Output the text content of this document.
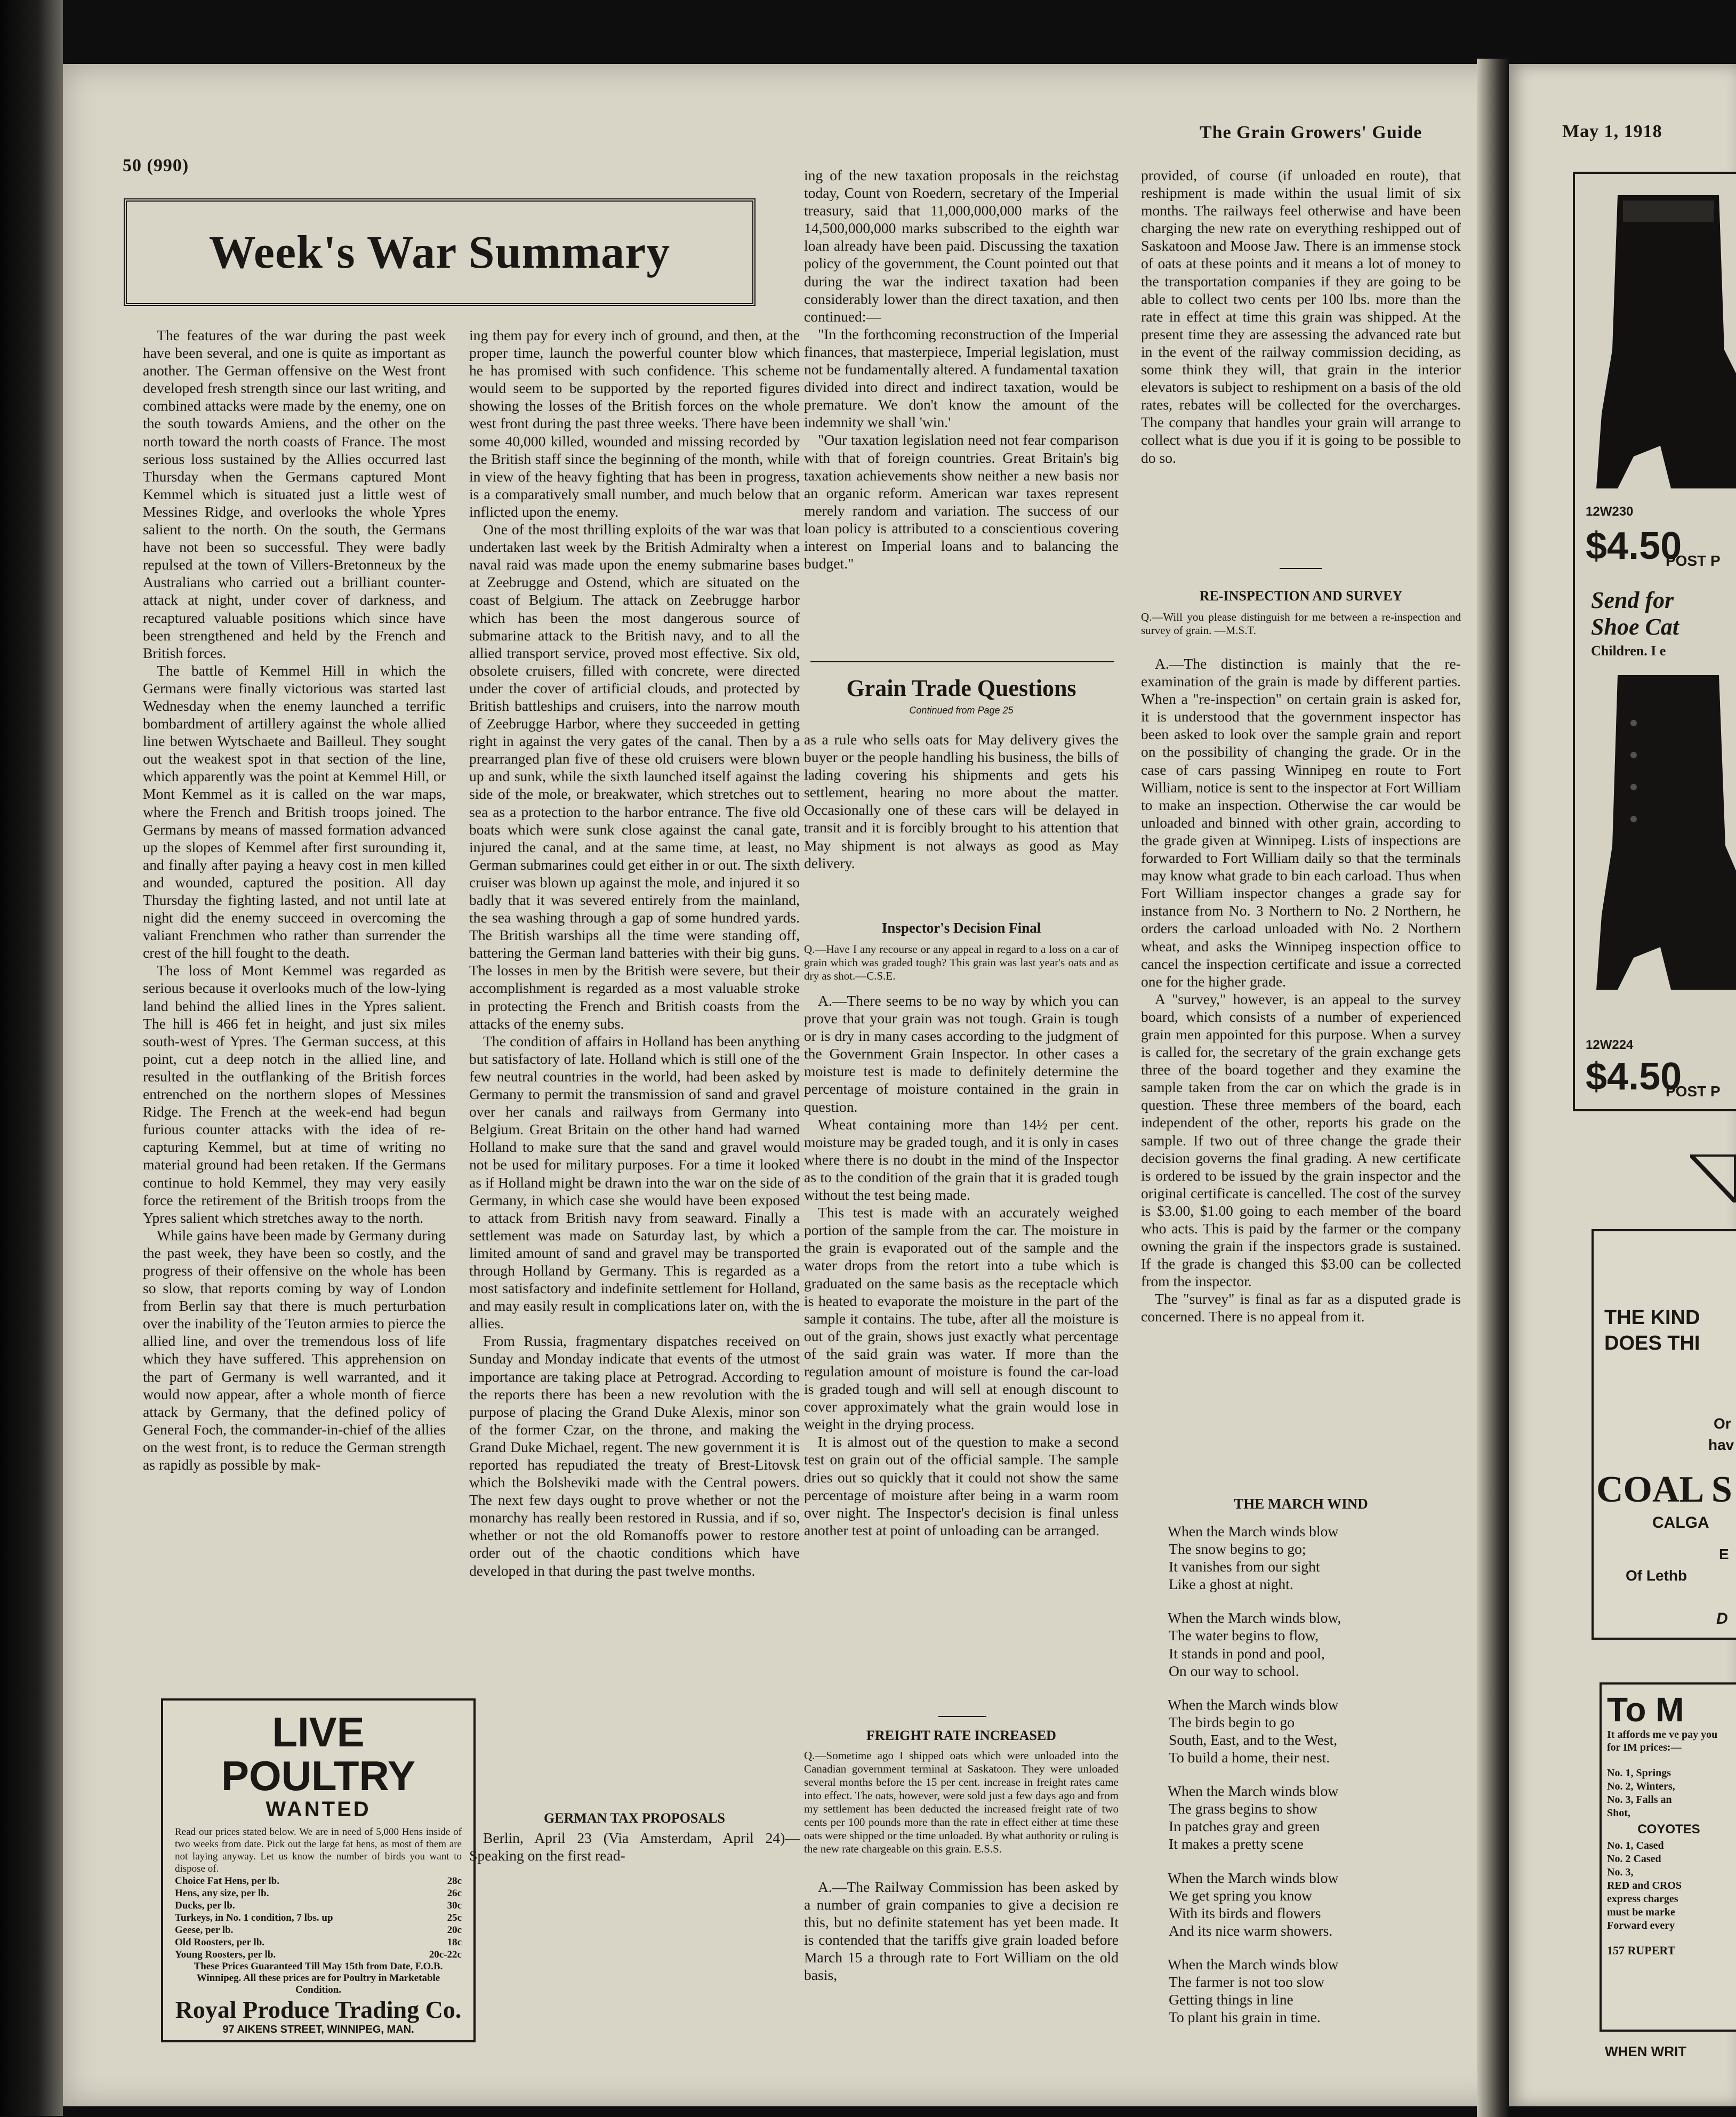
50 (990)
The Grain Growers' Guide	May 1, 1918
Week's War Summary

The features of the war during the past week have been several, and one is quite as important as another. The German offensive on the West front developed fresh strength since our last writing, and combined attacks were made by the enemy, one on the south towards Amiens, and the other on the north toward the north coasts of France. The most serious loss sustained by the Allies occurred last Thursday when the Germans captured Mont Kemmel which is situated just a little west of Messines Ridge, and overlooks the whole Ypres salient to the north. On the south, the Germans have not been so successful. They were badly repulsed at the town of Villers-Bretonneux by the Australians who carried out a brilliant counter-attack at night, under cover of darkness, and recaptured valuable positions which since have been strengthened and held by the French and British forces.

The battle of Kemmel Hill in which the Germans were finally victorious was started last Wednesday when the enemy launched a terrific bombardment of artillery against the whole allied line betwen Wytschaete and Bailleul. They sought out the weakest spot in that section of the line, which apparently was the point at Kemmel Hill, or Mont Kemmel as it is called on the war maps, where the French and British troops joined. The Germans by means of massed formation advanced up the slopes of Kemmel after first surounding it, and finally after paying a heavy cost in men killed and wounded, captured the position. All day Thursday the fighting lasted, and not until late at night did the enemy succeed in overcoming the valiant Frenchmen who rather than surrender the crest of the hill fought to the death.

The loss of Mont Kemmel was regarded as serious because it overlooks much of the low-lying land behind the allied lines in the Ypres salient. The hill is 466 fet in height, and just six miles south-west of Ypres. The German success, at this point, cut a deep notch in the allied line, and resulted in the outflanking of the British forces entrenched on the northern slopes of Messines Ridge. The French at the week-end had begun furious counter attacks with the idea of re-capturing Kemmel, but at time of writing no material ground had been retaken. If the Germans continue to hold Kemmel, they may very easily force the retirement of the British troops from the Ypres salient which stretches away to the north.

While gains have been made by Germany during the past week, they have been so costly, and the progress of their offensive on the whole has been so slow, that reports coming by way of London from Berlin say that there is much perturbation over the inability of the Teuton armies to pierce the allied line, and over the tremendous loss of life which they have suffered. This apprehension on the part of Germany is well warranted, and it would now appear, after a whole month of fierce attack by Germany, that the defined policy of General Foch, the commander-in-chief of the allies on the west front, is to reduce the German strength as rapidly as possible by mak-

LIVE POULTRY
WANTED
Read our prices stated below. We are in need of 5,000 Hens inside of two weeks from date. Pick out the large fat hens, as most of them are not laying anyway. Let us know the number of birds you want to dispose of.
Choice Fat Hens, per lb.	28c
Hens, any size, per lb.	26c
Ducks, per lb.	30c
Turkeys, in No. 1 condition, 7 lbs. up	25c
Geese, per lb.	20c
Old Roosters, per lb.	18c
Young Roosters, per lb.	20c-22c
These Prices Guaranteed Till May 15th from Date, F.O.B. Winnipeg. All these prices are for Poultry in Marketable Condition.
Royal Produce Trading Co.
97 AIKENS STREET, WINNIPEG, MAN.

ing them pay for every inch of ground, and then, at the proper time, launch the powerful counter blow which he has promised with such confidence. This scheme would seem to be supported by the reported figures showing the losses of the British forces on the whole west front during the past three weeks. There have been some 40,000 killed, wounded and missing recorded by the British staff since the beginning of the month, while in view of the heavy fighting that has been in progress, is a comparatively small number, and much below that inflicted upon the enemy.

One of the most thrilling exploits of the war was that undertaken last week by the British Admiralty when a naval raid was made upon the enemy submarine bases at Zeebrugge and Ostend, which are situated on the coast of Belgium. The attack on Zeebrugge harbor which has been the most dangerous source of submarine attack to the British navy, and to all the allied transport service, proved most effective. Six old, obsolete cruisers, filled with concrete, were directed under the cover of artificial clouds, and protected by British battleships and cruisers, into the narrow mouth of Zeebrugge Harbor, where they succeeded in getting right in against the very gates of the canal. Then by a prearranged plan five of these old cruisers were blown up and sunk, while the sixth launched itself against the side of the mole, or breakwater, which stretches out to sea as a protection to the harbor entrance. The five old boats which were sunk close against the canal gate, injured the canal, and at the same time, at least, no German submarines could get either in or out. The sixth cruiser was blown up against the mole, and injured it so badly that it was severed entirely from the mainland, the sea washing through a gap of some hundred yards. The British warships all the time were standing off, battering the German land batteries with their big guns. The losses in men by the British were severe, but their accomplishment is regarded as a most valuable stroke in protecting the French and British coasts from the attacks of the enemy subs.

The condition of affairs in Holland has been anything but satisfactory of late. Holland which is still one of the few neutral countries in the world, had been asked by Germany to permit the transmission of sand and gravel over her canals and railways from Germany into Belgium. Great Britain on the other hand had warned Holland to make sure that the sand and gravel would not be used for military purposes. For a time it looked as if Holland might be drawn into the war on the side of Germany, in which case she would have been exposed to attack from British navy from seaward. Finally a settlement was made on Saturday last, by which a limited amount of sand and gravel may be transported through Holland by Germany. This is regarded as a most satisfactory and indefinite settlement for Holland, and may easily result in complications later on, with the allies.

From Russia, fragmentary dispatches received on Sunday and Monday indicate that events of the utmost importance are taking place at Petrograd. According to the reports there has been a new revolution with the purpose of placing the Grand Duke Alexis, minor son of the former Czar, on the throne, and making the Grand Duke Michael, regent. The new government it is reported has repudiated the treaty of Brest-Litovsk which the Bolsheviki made with the Central powers. The next few days ought to prove whether or not the monarchy has really been restored in Russia, and if so, whether or not the old Romanoffs power to restore order out of the chaotic conditions which have developed in that during the past twelve months.

GERMAN TAX PROPOSALS

Berlin, April 23 (Via Amsterdam, April 24)—Speaking on the first read-

ing of the new taxation proposals in the reichstag today, Count von Roedern, secretary of the Imperial treasury, said that 11,000,000,000 marks of the 14,500,000,000 marks subscribed to the eighth war loan already have been paid. Discussing the taxation policy of the government, the Count pointed out that during the war the indirect taxation had been considerably lower than the direct taxation, and then continued:—

"In the forthcoming reconstruction of the Imperial finances, that masterpiece, Imperial legislation, must not be fundamentally altered. A fundamental taxation divided into direct and indirect taxation, would be premature. We don't know the amount of the indemnity we shall 'win.'

"Our taxation legislation need not fear comparison with that of foreign countries. Great Britain's big taxation achievements show neither a new basis nor an organic reform. American war taxes represent merely random and variation. The success of our loan policy is attributed to a conscientious covering interest on Imperial loans and to balancing the budget."

Grain Trade Questions
Continued from Page 25

as a rule who sells oats for May delivery gives the buyer or the people handling his business, the bills of lading covering his shipments and gets his settlement, hearing no more about the matter. Occasionally one of these cars will be delayed in transit and it is forcibly brought to his attention that May shipment is not always as good as May delivery.

Inspector's Decision Final
Q.—Have I any recourse or any appeal in regard to a loss on a car of grain which was graded tough? This grain was last year's oats and as dry as shot.—C.S.E.

A.—There seems to be no way by which you can prove that your grain was not tough. Grain is tough or is dry in many cases according to the judgment of the Government Grain Inspector. In other cases a moisture test is made to definitely determine the percentage of moisture contained in the grain in question.

Wheat containing more than 14½ per cent. moisture may be graded tough, and it is only in cases where there is no doubt in the mind of the Inspector as to the condition of the grain that it is graded tough without the test being made.

This test is made with an accurately weighed portion of the sample from the car. The moisture in the grain is evaporated out of the sample and the water drops from the retort into a tube which is graduated on the same basis as the receptacle which is heated to evaporate the moisture in the part of the sample it contains. The tube, after all the moisture is out of the grain, shows just exactly what percentage of the said grain was water. If more than the regulation amount of moisture is found the car-load is graded tough and will sell at enough discount to cover approximately what the grain would lose in weight in the drying process.

It is almost out of the question to make a second test on grain out of the official sample. The sample dries out so quickly that it could not show the same percentage of moisture after being in a warm room over night. The Inspector's decision is final unless another test at point of unloading can be arranged.

FREIGHT RATE INCREASED
Q.—Sometime ago I shipped oats which were unloaded into the Canadian government terminal at Saskatoon. They were unloaded several months before the 15 per cent. increase in freight rates came into effect. The oats, however, were sold just a few days ago and from my settlement has been deducted the increased freight rate of two cents per 100 pounds more than the rate in effect either at time these oats were shipped or the time unloaded. By what authority or ruling is the new rate chargeable on this grain. E.S.S.

A.—The Railway Commission has been asked by a number of grain companies to give a decision re this, but no definite statement has yet been made. It is contended that the tariffs give grain loaded before March 15 a through rate to Fort William on the old basis,

provided, of course (if unloaded en route), that reshipment is made within the usual limit of six months. The railways feel otherwise and have been charging the new rate on everything reshipped out of Saskatoon and Moose Jaw. There is an immense stock of oats at these points and it means a lot of money to the transportation companies if they are going to be able to collect two cents per 100 lbs. more than the rate in effect at time this grain was shipped. At the present time they are assessing the advanced rate but in the event of the railway commission deciding, as some think they will, that grain in the interior elevators is subject to reshipment on a basis of the old rates, rebates will be collected for the overcharges. The company that handles your grain will arrange to collect what is due you if it is going to be possible to do so.

RE-INSPECTION AND SURVEY
Q.—Will you please distinguish for me between a re-inspection and survey of grain. —M.S.T.

A.—The distinction is mainly that the re-examination of the grain is made by different parties. When a "re-inspection" on certain grain is asked for, it is understood that the government inspector has been asked to look over the sample grain and report on the possibility of changing the grade. Or in the case of cars passing Winnipeg en route to Fort William, notice is sent to the inspector at Fort William to make an inspection. Otherwise the car would be unloaded and binned with other grain, according to the grade given at Winnipeg. Lists of inspections are forwarded to Fort William daily so that the terminals may know what grade to bin each carload. Thus when Fort William inspector changes a grade say for instance from No. 3 Northern to No. 2 Northern, he orders the carload unloaded with No. 2 Northern wheat, and asks the Winnipeg inspection office to cancel the inspection certificate and issue a corrected one for the higher grade.

A "survey," however, is an appeal to the survey board, which consists of a number of experienced grain men appointed for this purpose. When a survey is called for, the secretary of the grain exchange gets three of the board together and they examine the sample taken from the car on which the grade is in question. These three members of the board, each independent of the other, reports his grade on the sample. If two out of three change the grade their decision governs the final grading. A new certificate is ordered to be issued by the grain inspector and the original certificate is cancelled. The cost of the survey is $3.00, $1.00 going to each member of the board who acts. This is paid by the farmer or the company owning the grain if the inspectors grade is sustained. If the grade is changed this $3.00 can be collected from the inspector.

The "survey" is final as far as a disputed grade is concerned. There is no appeal from it.

THE MARCH WIND
When the March winds blow
The snow begins to go;
It vanishes from our sight
Like a ghost at night.
When the March winds blow,
The water begins to flow,
It stands in pond and pool,
On our way to school.
When the March winds blow
The birds begin to go
South, East, and to the West,
To build a home, their nest.
When the March winds blow
The grass begins to show
In patches gray and green
It makes a pretty scene
When the March winds blow
We get spring you know
With its birds and flowers
And its nice warm showers.
When the March winds blow
The farmer is not too slow
Getting things in line
To plant his grain in time.
12W230
$4.50
POST P
Send for
Shoe Cat
Children. I e
12W224
$4.50
POST P
THE KIND
DOES THI
Or
hav
COAL S
CALGA
E
Of Lethb
D
To M
It affords me ve pay you for IM prices:—
No. 1, Springs
No. 2, Winters,
No. 3, Falls an
Shot,
COYOTES
No. 1, Cased
No. 2 Cased
No. 3,
RED and CROS
express charges
must be marke
Forward every
157 RUPERT
WHEN WRIT
